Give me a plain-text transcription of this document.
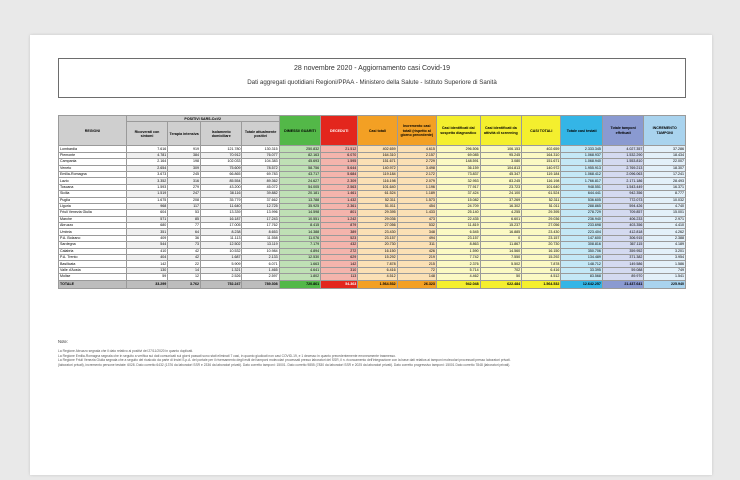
28 novembre 2020 - Aggiornamento casi Covid-19
Dati aggregati quotidiani Regioni/PPAA - Ministero della Salute - Istituto Superiore di Sanità
REGIONI	POSITIVI SARS-CoV2				DIMESSI/ GUARITI	DECEDUTI	Casi totali	Incremento casi totali (rispetto al giorno precedente)	Casi identificati dal sospetto diagnostico	Casi identificati da attività di screening	CASI TOTALI	Totale casi testati	Totale tamponi effettuati	INCREMENTO TAMPONI
	Ricoverati con sintomi	Terapia intensiva	Isolamento domiciliare	Totale attualmente positivi										
Lombardia	7.616	919	121.780	130.315	250.832	21.512	402.659	4.615	296.506	106.153	402.659	2.333.345	4.027.357	37.286
Piemonte	4.781	384	70.912	76.077	82.163	6.070	164.310	2.157	69.085	95.245	164.310	1.068.937	1.532.290	18.434
Campania	2.164	198	102.033	104.383	45.693	1.595	151.671	2.729	148.591	3.080	151.671	1.068.940	1.553.810	22.007
Veneto	2.654	309	75.609	78.572	58.756	5.644	140.972	3.498	36.159	104.813	140.972	1.955.913	2.769.213	18.307
Emilia-Romagna	3.673	245	66.865	69.783	43.717	5.684	119.184	2.172	73.837	45.347	119.184	1.068.412	2.096.063	17.241
Lazio	3.352	316	85.554	89.362	24.627	2.309	116.198	2.079	32.953	83.245	116.198	1.766.817	2.171.186	28.493
Toscana	1.593	279	43.200	45.072	54.005	2.563	101.640	1.196	77.917	23.723	101.640	948.551	1.543.449	16.371
Sicilia	1.519	247	38.116	39.882	20.181	1.461	61.524	1.189	37.424	24.100	61.524	644.441	942.356	8.777
Puglia	1.675	208	35.779	37.662	13.788	1.432	52.311	1.573	15.082	37.269	52.311	536.605	772.073	10.032
Liguria	968	117	11.640	12.725	35.925	2.361	51.011	454	24.709	16.302	51.011	288.865	594.426	4.740
Friuli Venezia Giulia	604	53	13.339	13.996	14.598	801	29.395	1.433	25.140	4.255	29.395	278.729	709.857	15.001
Marche	571	85	16.187	17.243	10.551	1.242	29.036	473	22.435	6.601	29.036	236.940	406.233	2.971
Abruzzo	680	77	17.005	17.762	8.415	879	27.056	532	11.819	15.237	27.056	233.698	403.356	4.410
Umbria	351	64	8.238	8.653	14.388	389	23.430	348	6.545	16.885	23.430	223.404	412.818	4.262
P.A. Bolzano	409	36	11.113	11.558	11.076	523	23.157	494	23.157	0	23.157	147.600	306.915	2.388
Sardegna	544	73	12.502	13.119	7.179	432	20.730	311	8.863	11.867	20.730	308.816	367.115	4.189
Calabria	410	42	10.532	10.984	4.894	272	16.150	426	1.590	14.560	16.150	350.706	359.952	3.201
P.A. Trento	404	42	1.687	2.133	12.530	629	15.292	219	7.742	7.550	15.292	134.489	371.382	3.954
Basilicata	142	22	5.909	6.071	1.663	142	7.878	215	2.376	5.502	7.878	148.712	149.586	1.586
Valle d'Aosta	130	14	1.321	1.465	4.641	310	6.416	72	5.714	702	6.416	33.395	59.088	749
Molise	59	12	2.526	2.597	1.802	113	4.512	148	4.462	50	4.512	83.568	89.970	1.541
TOTALE	33.299	3.762	752.247	789.308	720.861	54.363	1.564.532	26.323	942.048	622.484	1.564.532	12.642.257	21.437.641	225.940
Note:

La Regione Abruzzo segnala che il dato relativo ai positivi del 27/11/2020 in quanto duplicati.

La Regione Emilia-Romagna segnala che in seguito a verifica sui dati comunicati sui giorni passati sono stati eliminati 7 casi, in quanto giudicati non casi COVID-19, e 1 decesso in quanto precedentemente erroneamente trasmesso.

La Regione Friuli Venezia Giulia segnala che a seguito del ricalcolo da parte di Insiel S.p.A. del portale per il riversamento degli esiti del tamponi molecolari processati presso laboratori del SSR, il n. riconcamento dell'integrazione con la base dati relativa ai tamponi molecolari processati presso laboratori privati.

(laboratori privati), incremento persone testate: 6028. Dato corretto 6432 (1376 da laboratori SSR e 2336 da laboratori privati). Dato corretto tamponi: 15001. Dato corretto 9855 (7830 da laboratori SSR e 2025 da laboratori privati). Dato corretto progressivo tamponi: 15001 Dato corretto 7848 (laboratori privati).
